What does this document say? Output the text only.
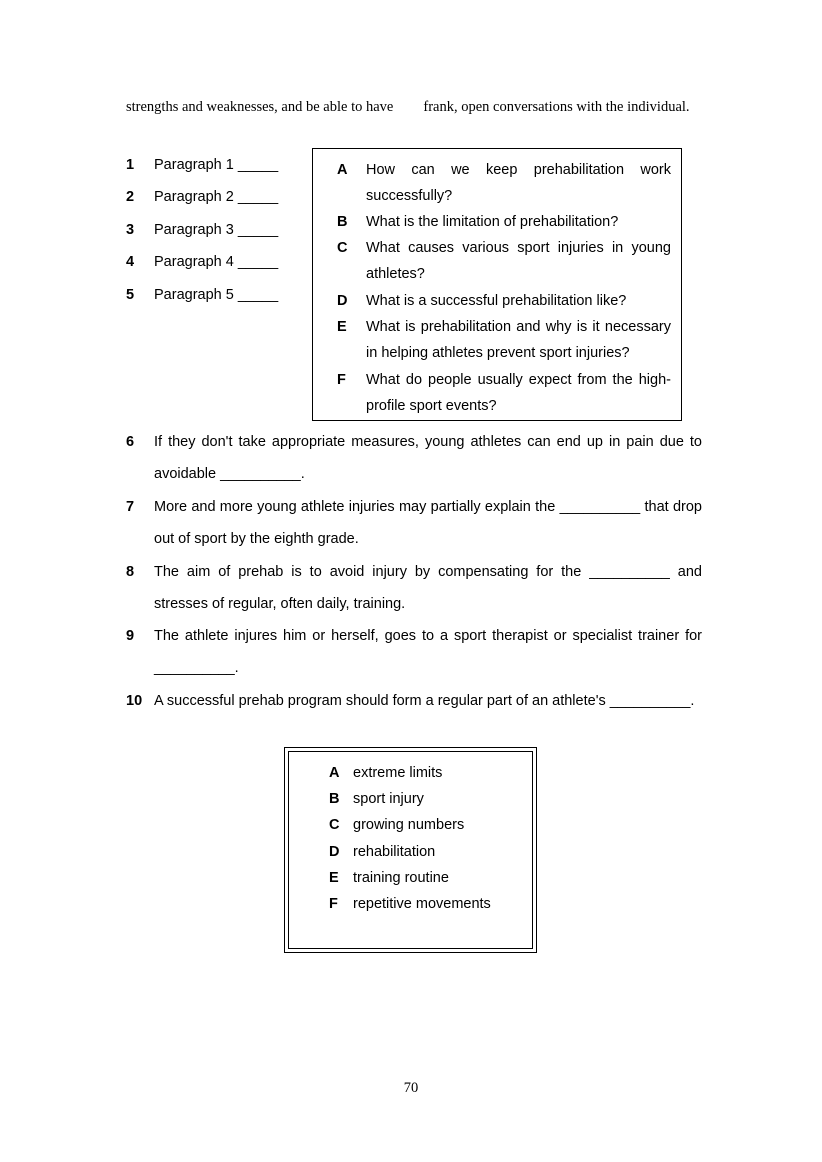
strengths and weaknesses, and be able to have frank, open conversations with the individual.
1	Paragraph 1 _____
2	Paragraph 2 _____
3	Paragraph 3 _____
4	Paragraph 4 _____
5	Paragraph 5 _____
A	How can we keep prehabilitation work successfully?
B	What is the limitation of prehabilitation?
C	What causes various sport injuries in young athletes?
D	What is a successful prehabilitation like?
E	What is prehabilitation and why is it necessary in helping athletes prevent sport injuries?
F	What do people usually expect from the high-profile sport events?
6	If they don't take appropriate measures, young athletes can end up in pain due to avoidable __________.
7	More and more young athlete injuries may partially explain the __________ that drop out of sport by the eighth grade.
8	The aim of prehab is to avoid injury by compensating for the __________ and stresses of regular, often daily, training.
9	The athlete injures him or herself, goes to a sport therapist or specialist trainer for __________.
10 A successful prehab program should form a regular part of an athlete's __________.
A extreme limits
B sport injury
C growing numbers
D rehabilitation
E training routine
F	repetitive movements
70
